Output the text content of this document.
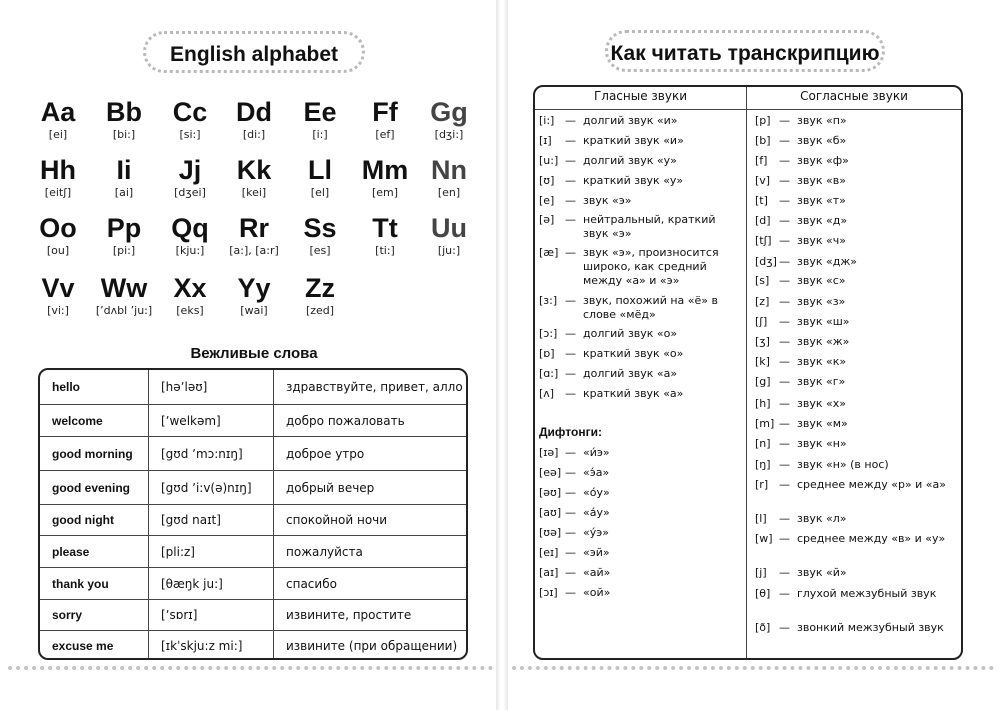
English alphabet
Aa
[ei]
Bb
[bi:]
Cc
[si:]
Dd
[di:]
Ee
[i:]
Ff
[ef]
Gg
[dʒi:]
Hh
[eitʃ]
Ii
[ai]
Jj
[dʒei]
Kk
[kei]
Ll
[el]
Mm
[em]
Nn
[en]
Oo
[ou]
Pp
[pi:]
Qq
[kju:]
Rr
[a:], [a:r]
Ss
[es]
Tt
[ti:]
Uu
[ju:]
Vv
[vi:]
Ww
[ʼdʌbl ʼju:]
Xx
[eks]
Yy
[wai]
Zz
[zed]
Вежливые слова
hello	[həʼləʊ]	здравствуйте, привет, алло
welcome	[ʼwelkəm]	добро пожаловать
good morning	[gʊd ʼmɔ:nɪŋ]	доброе утро
good evening	[gʊd ʼi:v(ə)nɪŋ]	добрый вечер
good night	[gʊd naɪt]	спокойной ночи
please	[pli:z]	пожалуйста
thank you	[θæŋk ju:]	спасибо
sorry	[ʼsɒrɪ]	извините, простите
excuse me	[ɪkˈskju:z mi:]	извините (при обращении)
Как читать транскрипцию
Гласные звуки	Согласные звуки
[i:] — долгий звук «и»
[ɪ] — краткий звук «и»
[u:] — долгий звук «у»
[ʊ] — краткий звук «у»
[e] — звук «э»
[ə] — нейтральный, краткий звук «э»
[æ] — звук «э», произносится широко, как средний между «а» и «э»
[ɜ:] — звук, похожий на «ё» в слове «мёд»
[ɔ:] — долгий звук «о»
[ɒ] — краткий звук «о»
[ɑ:] — долгий звук «а»
[ʌ] — краткий звук «а»
Дифтонги:
[ɪə] — «и́э»
[eə] — «э́а»
[əʊ] — «о́у»
[aʊ] — «а́у»
[ʊə] — «у́э»
[eɪ] — «эй»
[aɪ] — «ай»
[ɔɪ] — «ой»
[p] — звук «п»
[b] — звук «б»
[f] — звук «ф»
[v] — звук «в»
[t] — звук «т»
[d] — звук «д»
[tʃ] — звук «ч»
[dʒ] — звук «дж»
[s] — звук «с»
[z] — звук «з»
[ʃ] — звук «ш»
[ʒ] — звук «ж»
[k] — звук «к»
[g] — звук «г»
[h] — звук «х»
[m] — звук «м»
[n] — звук «н»
[ŋ] — звук «н» (в нос)
[r] — среднее между «р» и «а»
[l] — звук «л»
[w] — среднее между «в» и «у»
[j] — звук «й»
[θ] — глухой межзубный звук
[ð] — звонкий межзубный звук
